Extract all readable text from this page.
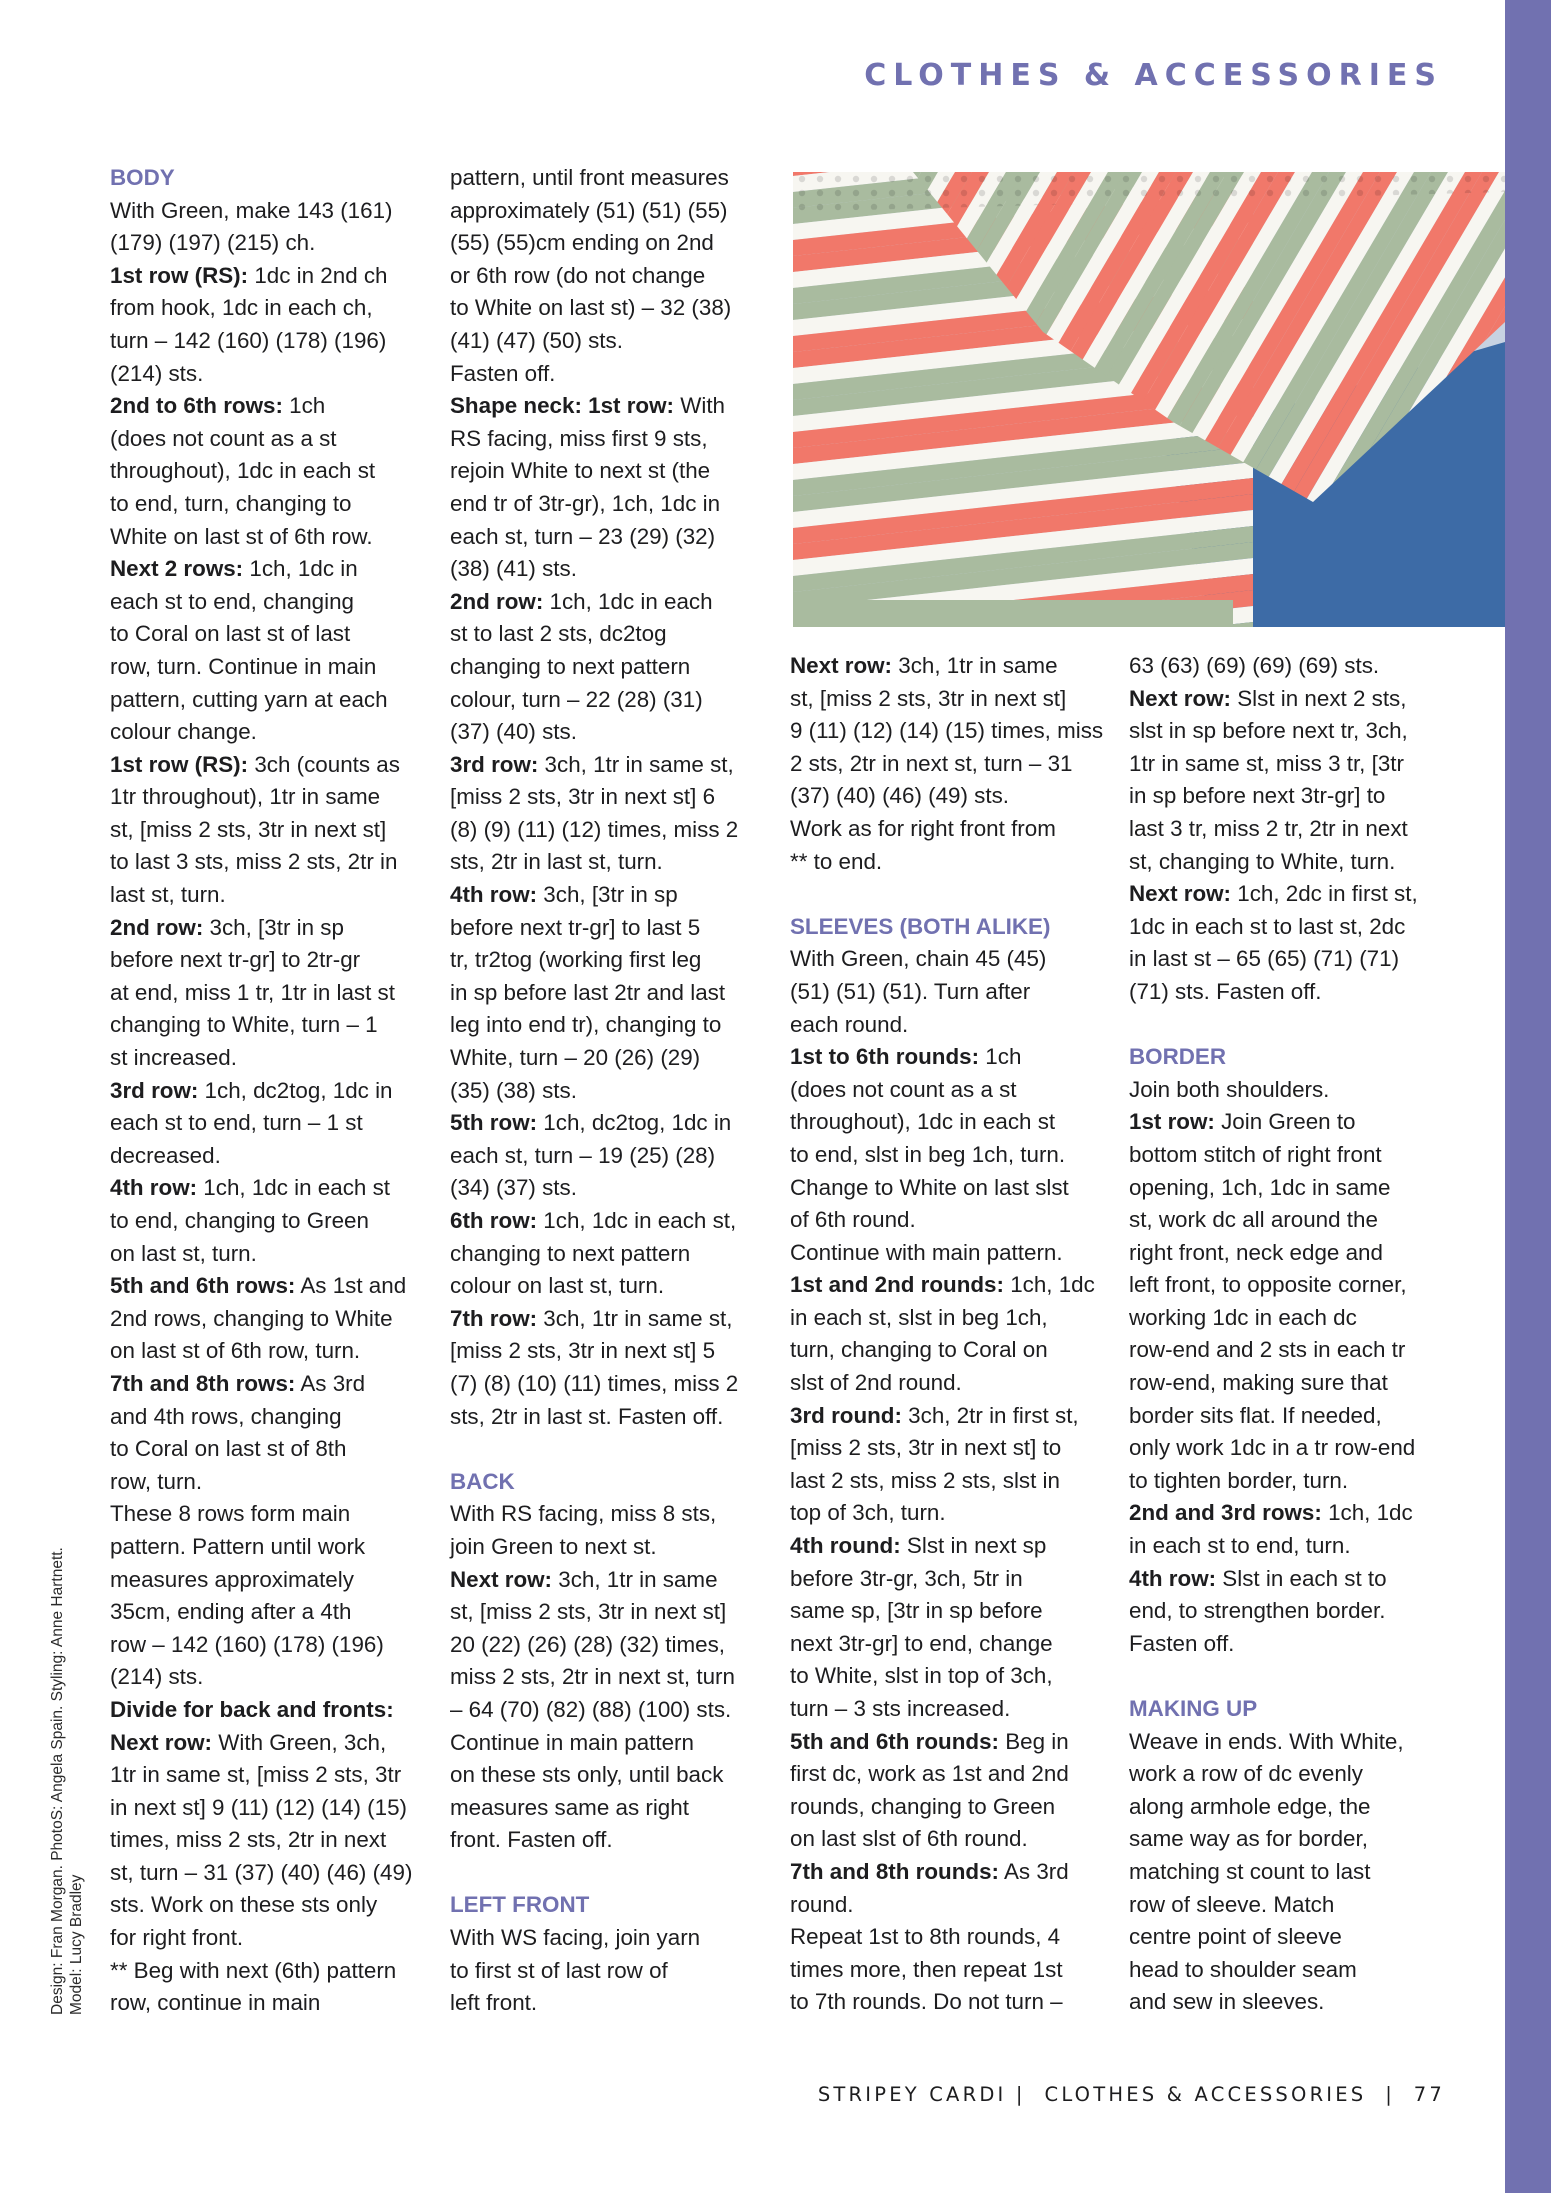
CLOTHES & ACCESSORIES
BODY
With Green, make 143 (161)
(179) (197) (215) ch.
1st row (RS): 1dc in 2nd ch
from hook, 1dc in each ch,
turn – 142 (160) (178) (196)
(214) sts.
2nd to 6th rows: 1ch
(does not count as a st
throughout), 1dc in each st
to end, turn, changing to
White on last st of 6th row.
Next 2 rows: 1ch, 1dc in
each st to end, changing
to Coral on last st of last
row, turn. Continue in main
pattern, cutting yarn at each
colour change.
1st row (RS): 3ch (counts as
1tr throughout), 1tr in same
st, [miss 2 sts, 3tr in next st]
to last 3 sts, miss 2 sts, 2tr in
last st, turn.
2nd row: 3ch, [3tr in sp
before next tr-gr] to 2tr-gr
at end, miss 1 tr, 1tr in last st
changing to White, turn – 1
st increased.
3rd row: 1ch, dc2tog, 1dc in
each st to end, turn – 1 st
decreased.
4th row: 1ch, 1dc in each st
to end, changing to Green
on last st, turn.
5th and 6th rows: As 1st and
2nd rows, changing to White
on last st of 6th row, turn.
7th and 8th rows: As 3rd
and 4th rows, changing
to Coral on last st of 8th
row, turn.
These 8 rows form main
pattern. Pattern until work
measures approximately
35cm, ending after a 4th
row – 142 (160) (178) (196)
(214) sts.
Divide for back and fronts:
Next row: With Green, 3ch,
1tr in same st, [miss 2 sts, 3tr
in next st] 9 (11) (12) (14) (15)
times, miss 2 sts, 2tr in next
st, turn – 31 (37) (40) (46) (49)
sts. Work on these sts only
for right front.
** Beg with next (6th) pattern
row, continue in main
pattern, until front measures
approximately (51) (51) (55)
(55) (55)cm ending on 2nd
or 6th row (do not change
to White on last st) – 32 (38)
(41) (47) (50) sts.
Fasten off.
Shape neck: 1st row: With
RS facing, miss first 9 sts,
rejoin White to next st (the
end tr of 3tr-gr), 1ch, 1dc in
each st, turn – 23 (29) (32)
(38) (41) sts.
2nd row: 1ch, 1dc in each
st to last 2 sts, dc2tog
changing to next pattern
colour, turn – 22 (28) (31)
(37) (40) sts.
3rd row: 3ch, 1tr in same st,
[miss 2 sts, 3tr in next st] 6
(8) (9) (11) (12) times, miss 2
sts, 2tr in last st, turn.
4th row: 3ch, [3tr in sp
before next tr-gr] to last 5
tr, tr2tog (working first leg
in sp before last 2tr and last
leg into end tr), changing to
White, turn – 20 (26) (29)
(35) (38) sts.
5th row: 1ch, dc2tog, 1dc in
each st, turn – 19 (25) (28)
(34) (37) sts.
6th row: 1ch, 1dc in each st,
changing to next pattern
colour on last st, turn.
7th row: 3ch, 1tr in same st,
[miss 2 sts, 3tr in next st] 5
(7) (8) (10) (11) times, miss 2
sts, 2tr in last st. Fasten off.
BACK
With RS facing, miss 8 sts,
join Green to next st.
Next row: 3ch, 1tr in same
st, [miss 2 sts, 3tr in next st]
20 (22) (26) (28) (32) times,
miss 2 sts, 2tr in next st, turn
– 64 (70) (82) (88) (100) sts.
Continue in main pattern
on these sts only, until back
measures same as right
front. Fasten off.
LEFT FRONT
With WS facing, join yarn
to first st of last row of
left front.
Next row: 3ch, 1tr in same
st, [miss 2 sts, 3tr in next st]
9 (11) (12) (14) (15) times, miss
2 sts, 2tr in next st, turn – 31
(37) (40) (46) (49) sts.
Work as for right front from
** to end.
SLEEVES (BOTH ALIKE)
With Green, chain 45 (45)
(51) (51) (51). Turn after
each round.
1st to 6th rounds: 1ch
(does not count as a st
throughout), 1dc in each st
to end, slst in beg 1ch, turn.
Change to White on last slst
of 6th round.
Continue with main pattern.
1st and 2nd rounds: 1ch, 1dc
in each st, slst in beg 1ch,
turn, changing to Coral on
slst of 2nd round.
3rd round: 3ch, 2tr in first st,
[miss 2 sts, 3tr in next st] to
last 2 sts, miss 2 sts, slst in
top of 3ch, turn.
4th round: Slst in next sp
before 3tr-gr, 3ch, 5tr in
same sp, [3tr in sp before
next 3tr-gr] to end, change
to White, slst in top of 3ch,
turn – 3 sts increased.
5th and 6th rounds: Beg in
first dc, work as 1st and 2nd
rounds, changing to Green
on last slst of 6th round.
7th and 8th rounds: As 3rd
round.
Repeat 1st to 8th rounds, 4
times more, then repeat 1st
to 7th rounds. Do not turn –
63 (63) (69) (69) (69) sts.
Next row: Slst in next 2 sts,
slst in sp before next tr, 3ch,
1tr in same st, miss 3 tr, [3tr
in sp before next 3tr-gr] to
last 3 tr, miss 2 tr, 2tr in next
st, changing to White, turn.
Next row: 1ch, 2dc in first st,
1dc in each st to last st, 2dc
in last st – 65 (65) (71) (71)
(71) sts. Fasten off.
BORDER
Join both shoulders.
1st row: Join Green to
bottom stitch of right front
opening, 1ch, 1dc in same
st, work dc all around the
right front, neck edge and
left front, to opposite corner,
working 1dc in each dc
row-end and 2 sts in each tr
row-end, making sure that
border sits flat. If needed,
only work 1dc in a tr row-end
to tighten border, turn.
2nd and 3rd rows: 1ch, 1dc
in each st to end, turn.
4th row: Slst in each st to
end, to strengthen border.
Fasten off.
MAKING UP
Weave in ends. With White,
work a row of dc evenly
along armhole edge, the
same way as for border,
matching st count to last
row of sleeve. Match
centre point of sleeve
head to shoulder seam
and sew in sleeves.
Design: Fran Morgan. PhotoS: Angela Spain. Styling: Anne Hartnett. Model: Lucy Bradley
STRIPEY CARDI | CLOTHES & ACCESSORIES | 77
